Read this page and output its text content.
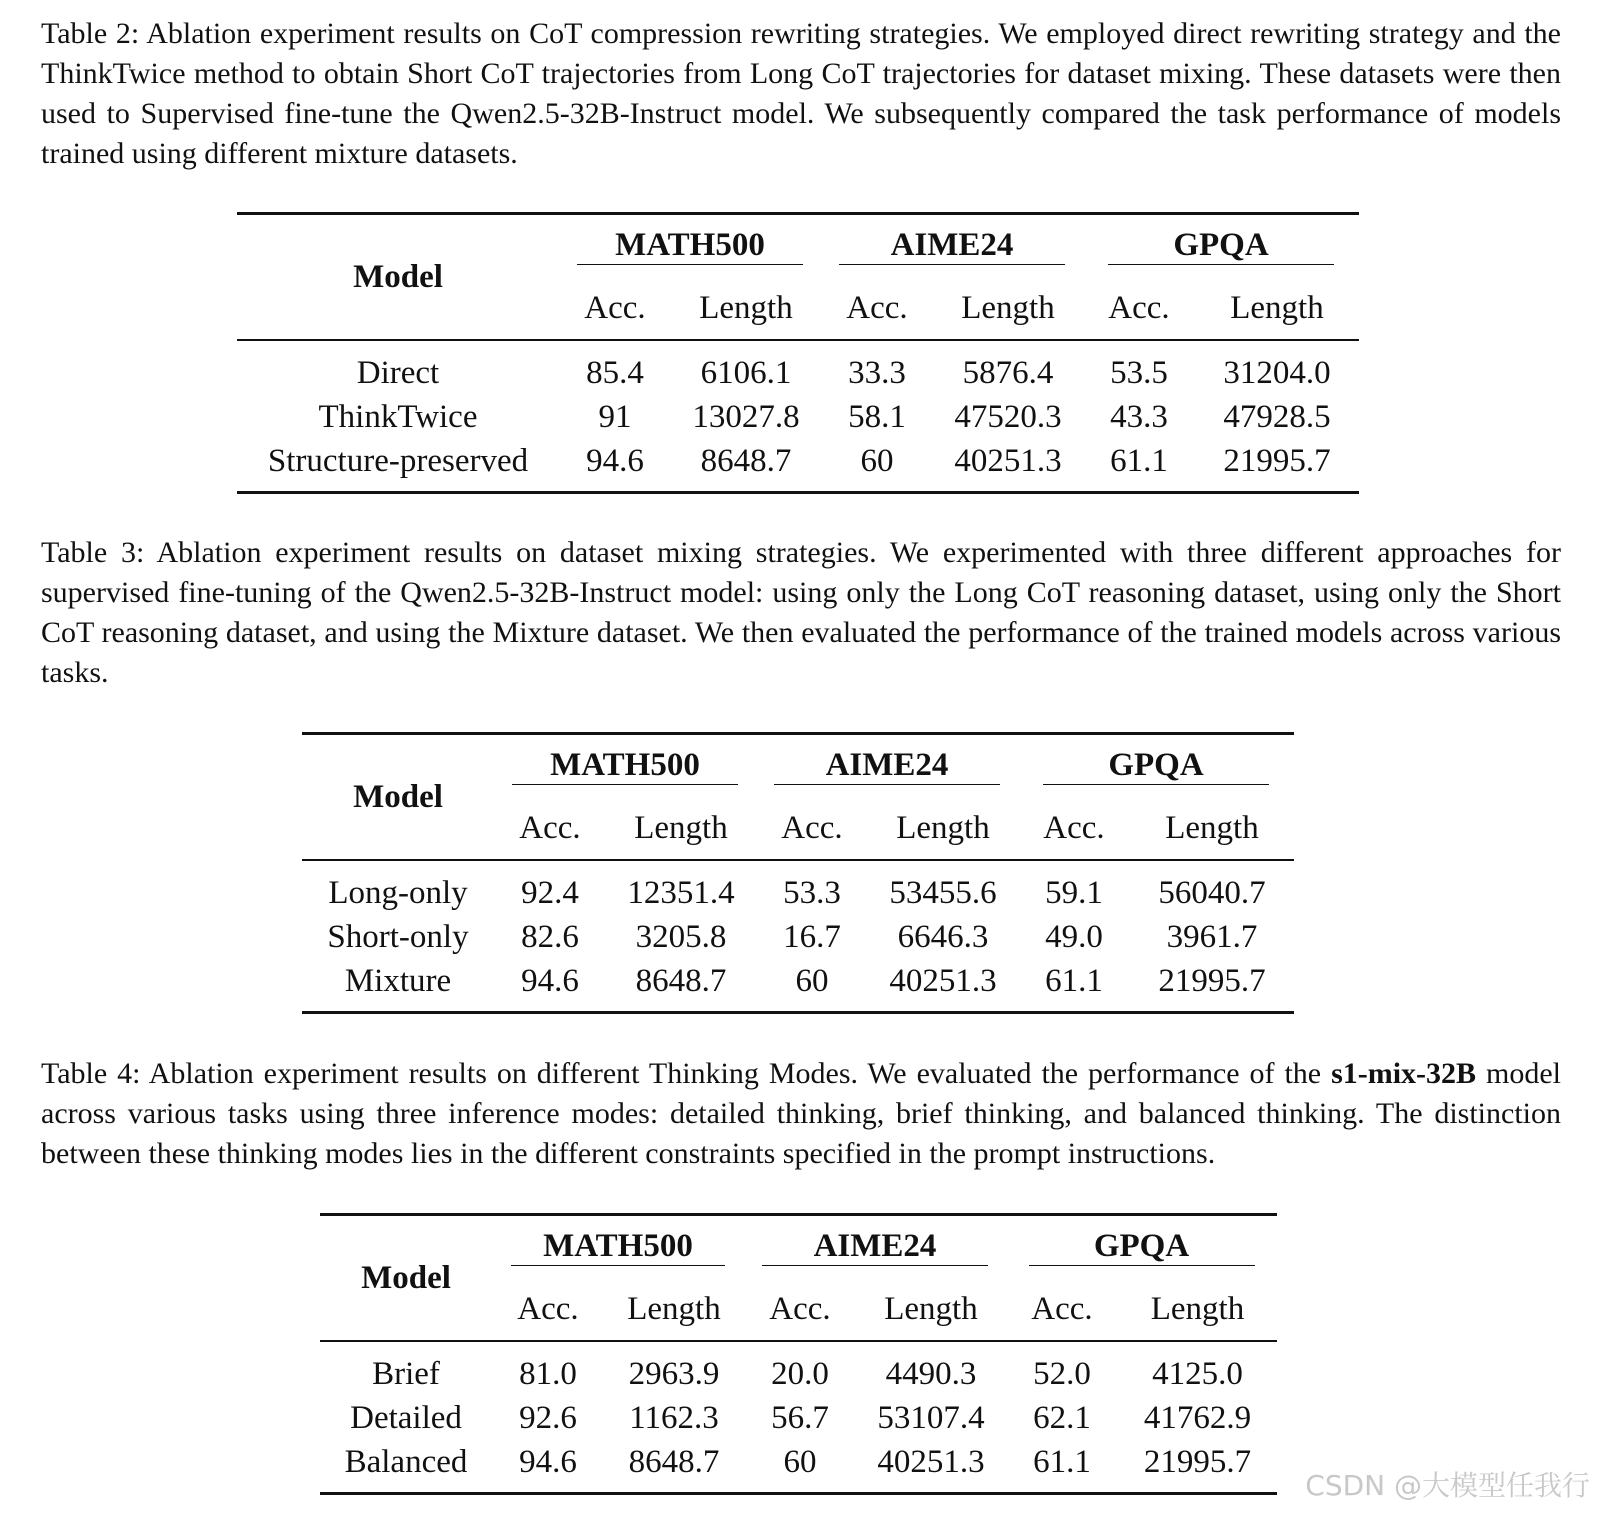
Table 2: Ablation experiment results on CoT compression rewriting strategies. We employed direct rewriting strategy and the ThinkTwice method to obtain Short CoT trajectories from Long CoT trajectories for dataset mixing. These datasets were then used to Supervised fine-tune the Qwen2.5-32B-Instruct model. We subsequently compared the task performance of models trained using different mixture datasets.

Model	MATH500		AIME24		GPQA	

	Acc.	Length	Acc.	Length	Acc.	Length
Direct	85.4	6106.1	33.3	5876.4	53.5	31204.0
ThinkTwice	91	13027.8	58.1	47520.3	43.3	47928.5
Structure-preserved	94.6	8648.7	60	40251.3	61.1	21995.7

Table 3: Ablation experiment results on dataset mixing strategies. We experimented with three different approaches for supervised fine-tuning of the Qwen2.5-32B-Instruct model: using only the Long CoT reasoning dataset, using only the Short CoT reasoning dataset, and using the Mixture dataset. We then evaluated the performance of the trained models across various tasks.

Model	MATH500		AIME24		GPQA	

	Acc.	Length	Acc.	Length	Acc.	Length
Long-only	92.4	12351.4	53.3	53455.6	59.1	56040.7
Short-only	82.6	3205.8	16.7	6646.3	49.0	3961.7
Mixture	94.6	8648.7	60	40251.3	61.1	21995.7

Table 4: Ablation experiment results on different Thinking Modes. We evaluated the performance of the s1-mix-32B model across various tasks using three inference modes: detailed thinking, brief thinking, and balanced thinking. The distinction between these thinking modes lies in the different constraints specified in the prompt instructions.

Model	MATH500		AIME24		GPQA	

	Acc.	Length	Acc.	Length	Acc.	Length
Brief	81.0	2963.9	20.0	4490.3	52.0	4125.0
Detailed	92.6	1162.3	56.7	53107.4	62.1	41762.9
Balanced	94.6	8648.7	60	40251.3	61.1	21995.7
CSDN @大模型任我行
